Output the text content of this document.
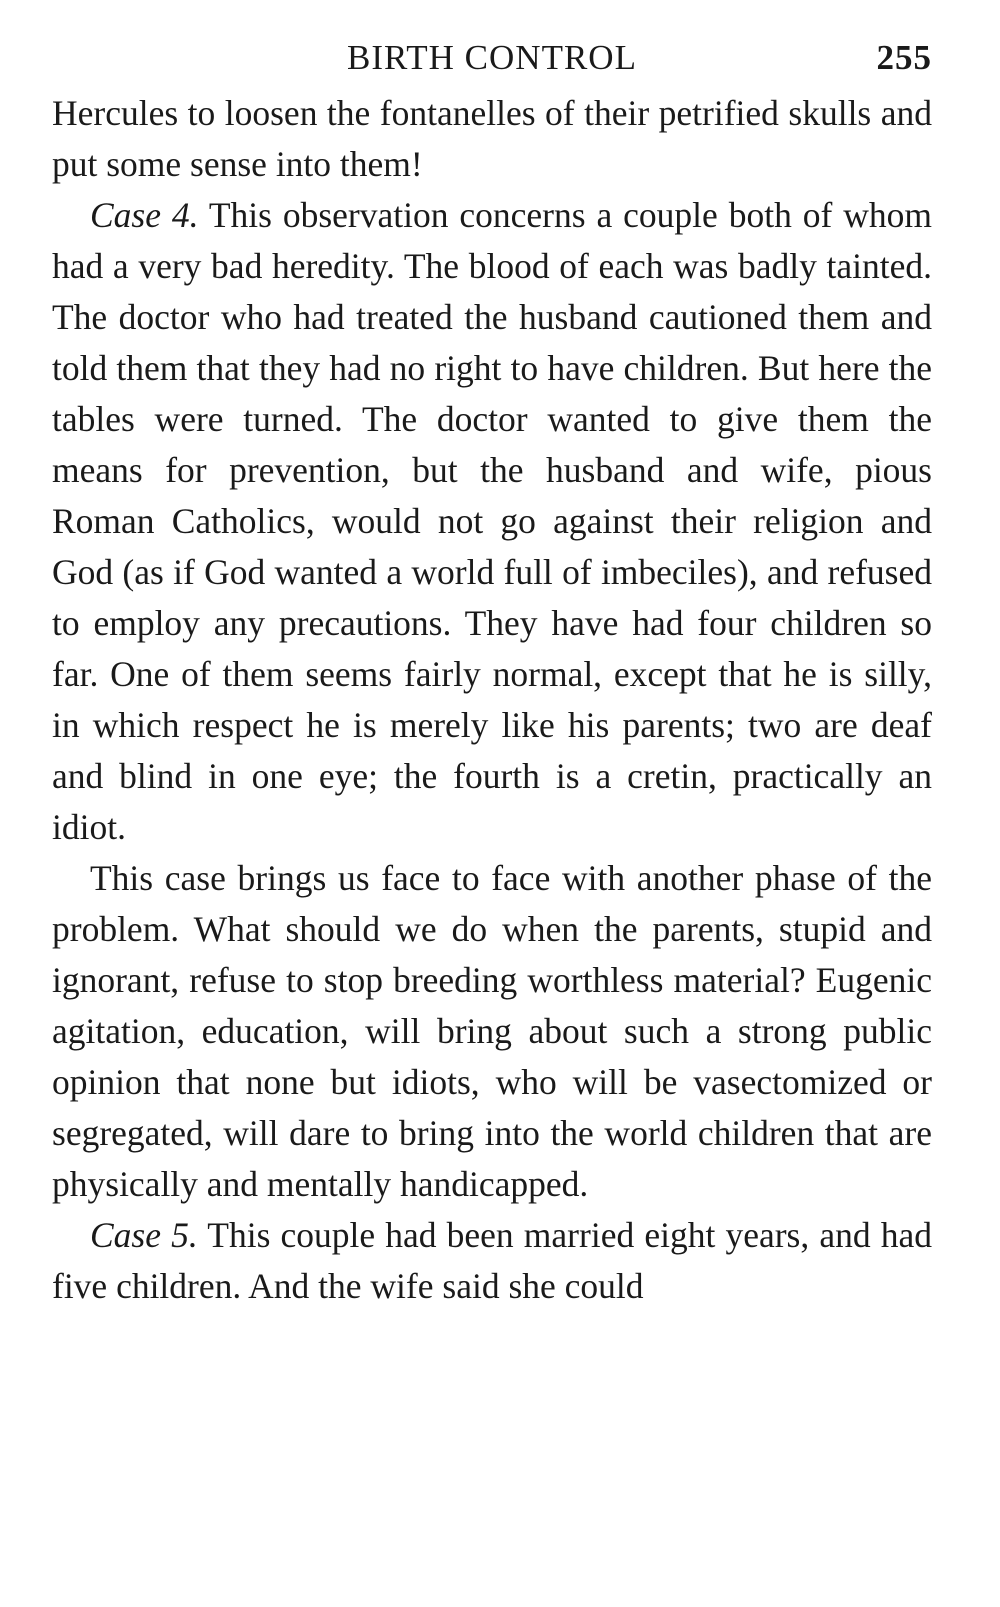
BIRTH CONTROL	255

Hercules to loosen the fontanelles of their petrified skulls and put some sense into them!

Case 4. This observation concerns a couple both of whom had a very bad heredity. The blood of each was badly tainted. The doctor who had treated the husband cautioned them and told them that they had no right to have children. But here the tables were turned. The doctor wanted to give them the means for prevention, but the husband and wife, pious Roman Catholics, would not go against their religion and God (as if God wanted a world full of imbeciles), and refused to employ any precautions. They have had four children so far. One of them seems fairly normal, except that he is silly, in which respect he is merely like his parents; two are deaf and blind in one eye; the fourth is a cretin, practically an idiot.

This case brings us face to face with another phase of the problem. What should we do when the parents, stupid and ignorant, refuse to stop breeding worthless material? Eugenic agitation, education, will bring about such a strong public opinion that none but idiots, who will be vasectomized or segregated, will dare to bring into the world children that are physically and mentally handicapped.

Case 5. This couple had been married eight years, and had five children. And the wife said she could
